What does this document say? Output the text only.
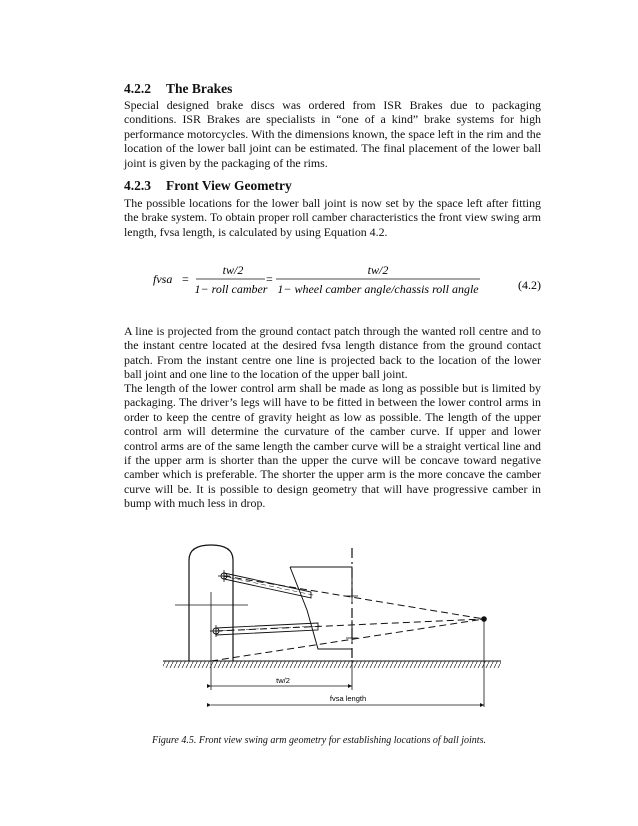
4.2.2 The Brakes

Special designed brake discs was ordered from ISR Brakes due to packaging conditions. ISR Brakes are specialists in “one of a kind” brake systems for high performance motorcycles. With the dimensions known, the space left in the rim and the location of the lower ball joint can be estimated. The final placement of the lower ball joint is given by the packaging of the rims.

4.2.3 Front View Geometry

The possible locations for the lower ball joint is now set by the space left after fitting the brake system. To obtain proper roll camber characteristics the front view swing arm length, fvsa length, is calculated by using Equation 4.2.

fvsa =
tw/2
1− roll camber
=
tw/2
1− wheel camber angle/chassis roll angle	(4.2)

A line is projected from the ground contact patch through the wanted roll centre and to the instant centre located at the desired fvsa length distance from the ground contact patch. From the instant centre one line is projected back to the location of the lower ball joint and one line to the location of the upper ball joint.

The length of the lower control arm shall be made as long as possible but is limited by packaging. The driver’s legs will have to be fitted in between the lower control arms in order to keep the centre of gravity height as low as possible. The length of the upper control arm will determine the curvature of the camber curve. If upper and lower control arms are of the same length the camber curve will be a straight vertical line and if the upper arm is shorter than the upper the curve will be concave toward negative camber which is preferable. The shorter the upper arm is the more concave the camber curve will be. It is possible to design geometry that will have progressive camber in bump with much less in drop.

tw/2
fvsa length
Figure 4.5. Front view swing arm geometry for establishing locations of ball joints.
